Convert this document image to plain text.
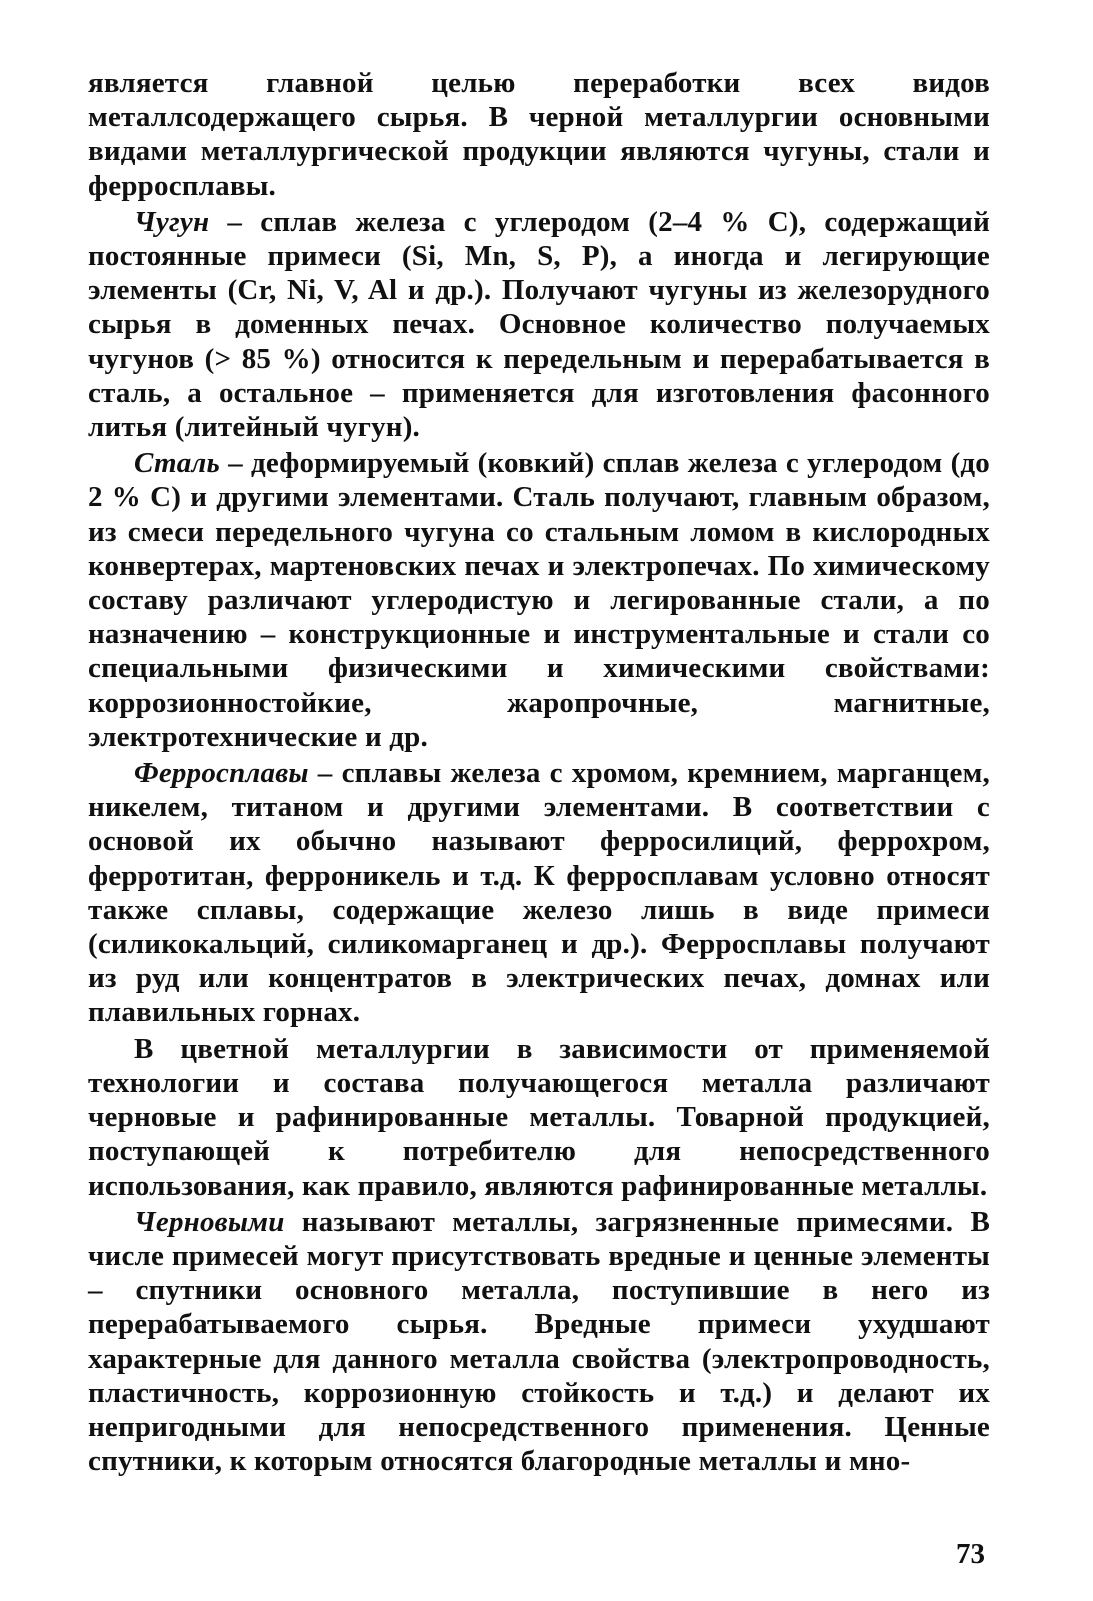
является главной целью переработки всех видов металлсодержащего сырья. В черной металлургии основными видами металлургической продукции являются чугуны, стали и ферросплавы.

Чугун – сплав железа с углеродом (2–4 % С), содержащий постоянные примеси (Si, Mn, S, P), а иногда и легирующие элементы (Cr, Ni, V, Al и др.). Получают чугуны из железорудного сырья в доменных печах. Основное количество получаемых чугунов (> 85 %) относится к передельным и перерабатывается в сталь, а остальное – применяется для изготовления фасонного литья (литейный чугун).

Сталь – деформируемый (ковкий) сплав железа с углеродом (до 2 % С) и другими элементами. Сталь получают, главным образом, из смеси передельного чугуна со стальным ломом в кислородных конвертерах, мартеновских печах и электропечах. По химическому составу различают углеродистую и легированные стали, а по назначению – конструкционные и инструментальные и стали со специальными физическими и химическими свойствами: коррозионностойкие, жаропрочные, магнитные, электротехнические и др.

Ферросплавы – сплавы железа с хромом, кремнием, марганцем, никелем, титаном и другими элементами. В соответствии с основой их обычно называют ферросилиций, феррохром, ферротитан, ферроникель и т.д. К ферросплавам условно относят также сплавы, содержащие железо лишь в виде примеси (силикокальций, силикомарганец и др.). Ферросплавы получают из руд или концентратов в электрических печах, домнах или плавильных горнах.

В цветной металлургии в зависимости от применяемой технологии и состава получающегося металла различают черновые и рафинированные металлы. Товарной продукцией, поступающей к потребителю для непосредственного использования, как правило, являются рафинированные металлы.

Черновыми называют металлы, загрязненные примесями. В числе примесей могут присутствовать вредные и ценные элементы – спутники основного металла, поступившие в него из перерабатываемого сырья. Вредные примеси ухудшают характерные для данного металла свойства (электропроводность, пластичность, коррозионную стойкость и т.д.) и делают их непригодными для непосредственного применения. Ценные спутники, к которым относятся благородные металлы и мно-

73
